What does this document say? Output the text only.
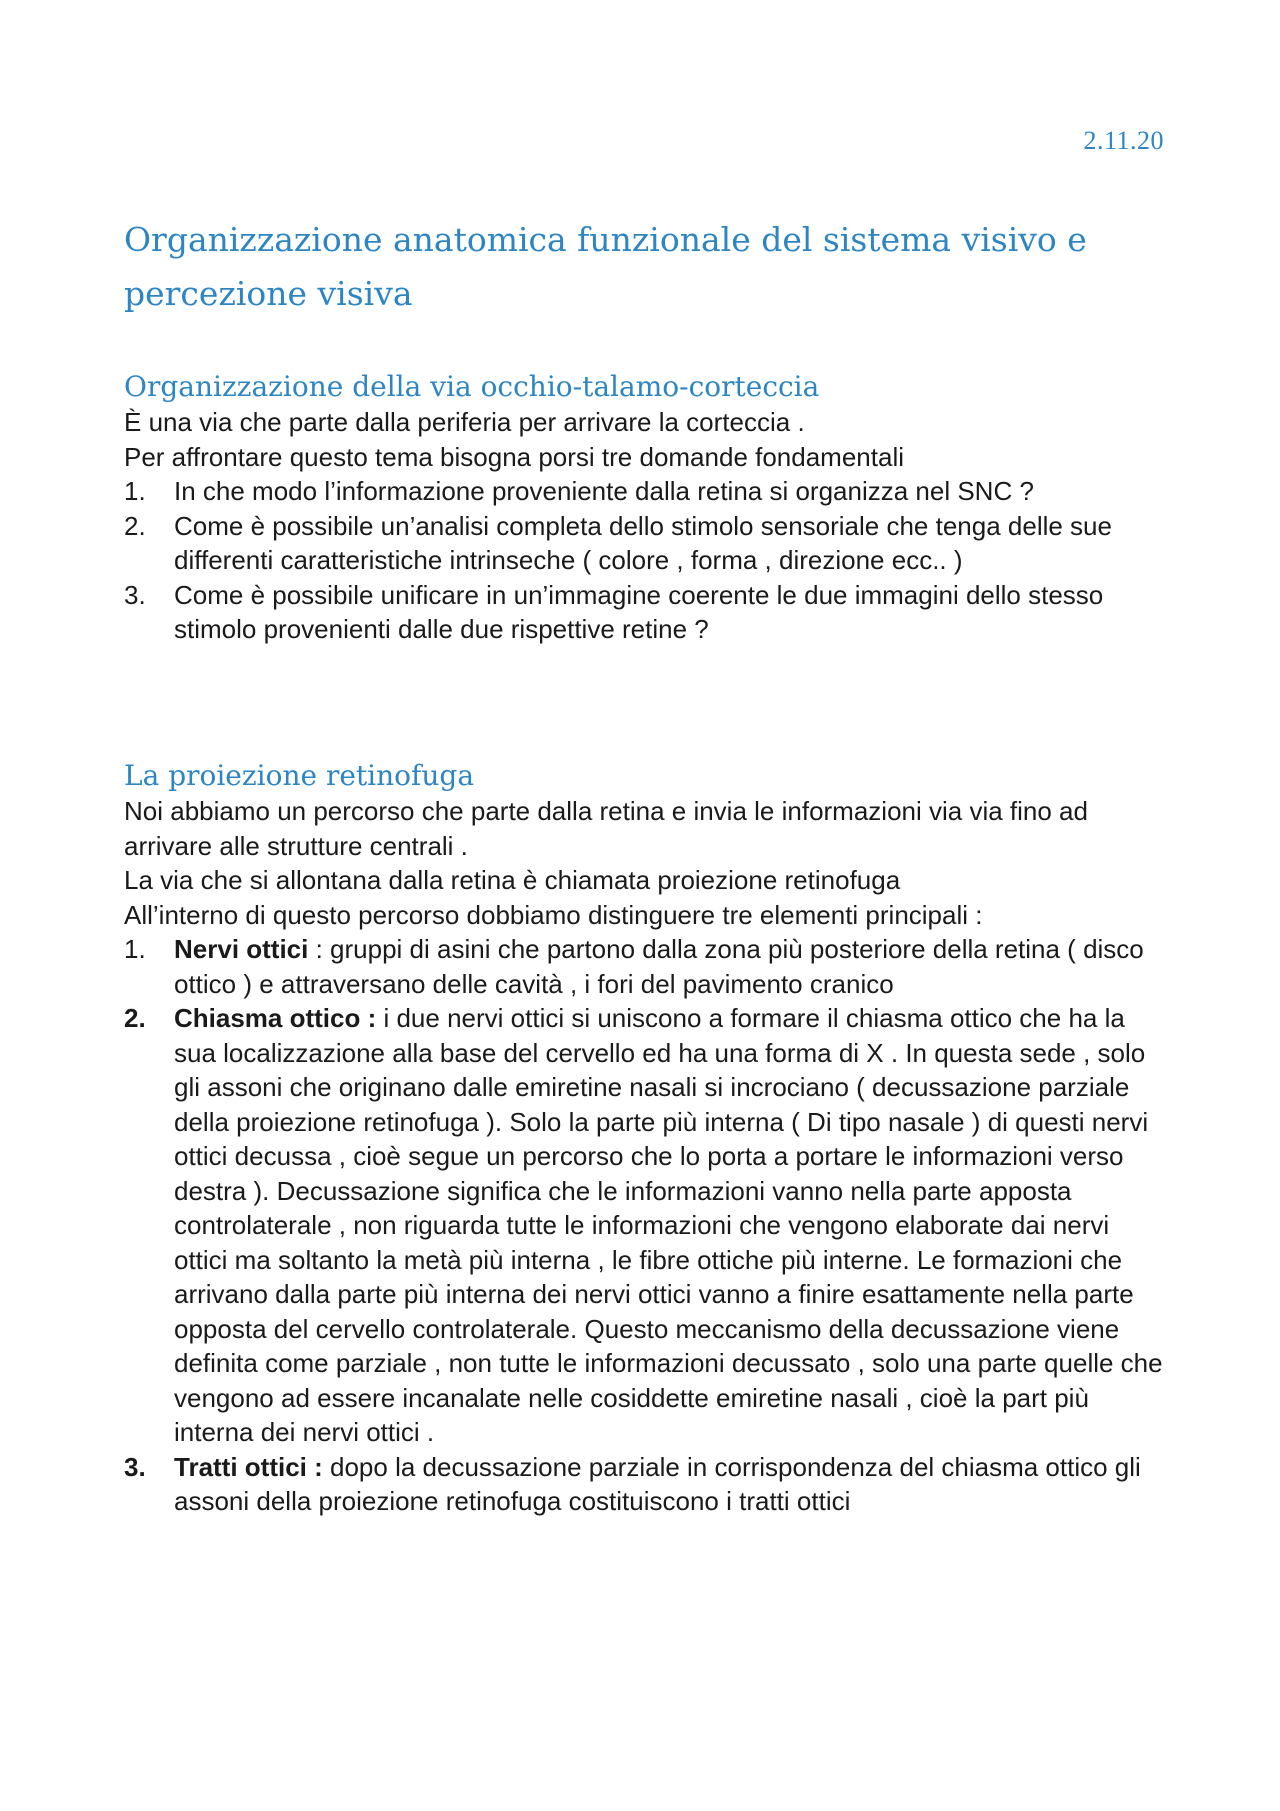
2.11.20
Organizzazione anatomica funzionale del sistema visivo e percezione visiva
Organizzazione della via occhio-talamo-corteccia

È una via che parte dalla periferia per arrivare la corteccia .

Per affrontare questo tema bisogna porsi tre domande fondamentali

1. In che modo l’informazione proveniente dalla retina si organizza nel SNC ?
2. Come è possibile un’analisi completa dello stimolo sensoriale che tenga delle sue differenti caratteristiche intrinseche ( colore , forma , direzione ecc.. )
3. Come è possibile unificare in un’immagine coerente le due immagini dello stesso stimolo provenienti dalle due rispettive retine ?
La proiezione retinofuga

Noi abbiamo un percorso che parte dalla retina e invia le informazioni via via fino ad arrivare alle strutture centrali .

La via che si allontana dalla retina è chiamata proiezione retinofuga

All’interno di questo percorso dobbiamo distinguere tre elementi principali :

1. Nervi ottici : gruppi di asini che partono dalla zona più posteriore della retina ( disco ottico ) e attraversano delle cavità , i fori del pavimento cranico
2. Chiasma ottico : i due nervi ottici si uniscono a formare il chiasma ottico che ha la sua localizzazione alla base del cervello ed ha una forma di X . In questa sede , solo gli assoni che originano dalle emiretine nasali si incrociano ( decussazione parziale della proiezione retinofuga ). Solo la parte più interna ( Di tipo nasale ) di questi nervi ottici decussa , cioè segue un percorso che lo porta a portare le informazioni verso destra ). Decussazione significa che le informazioni vanno nella parte apposta controlaterale , non riguarda tutte le informazioni che vengono elaborate dai nervi ottici ma soltanto la metà più interna , le fibre ottiche più interne. Le formazioni che arrivano dalla parte più interna dei nervi ottici vanno a finire esattamente nella parte opposta del cervello controlaterale. Questo meccanismo della decussazione viene definita come parziale , non tutte le informazioni decussato , solo una parte quelle che vengono ad essere incanalate nelle cosiddette emiretine nasali , cioè la part più interna dei nervi ottici .
3. Tratti ottici : dopo la decussazione parziale in corrispondenza del chiasma ottico gli assoni della proiezione retinofuga costituiscono i tratti ottici
